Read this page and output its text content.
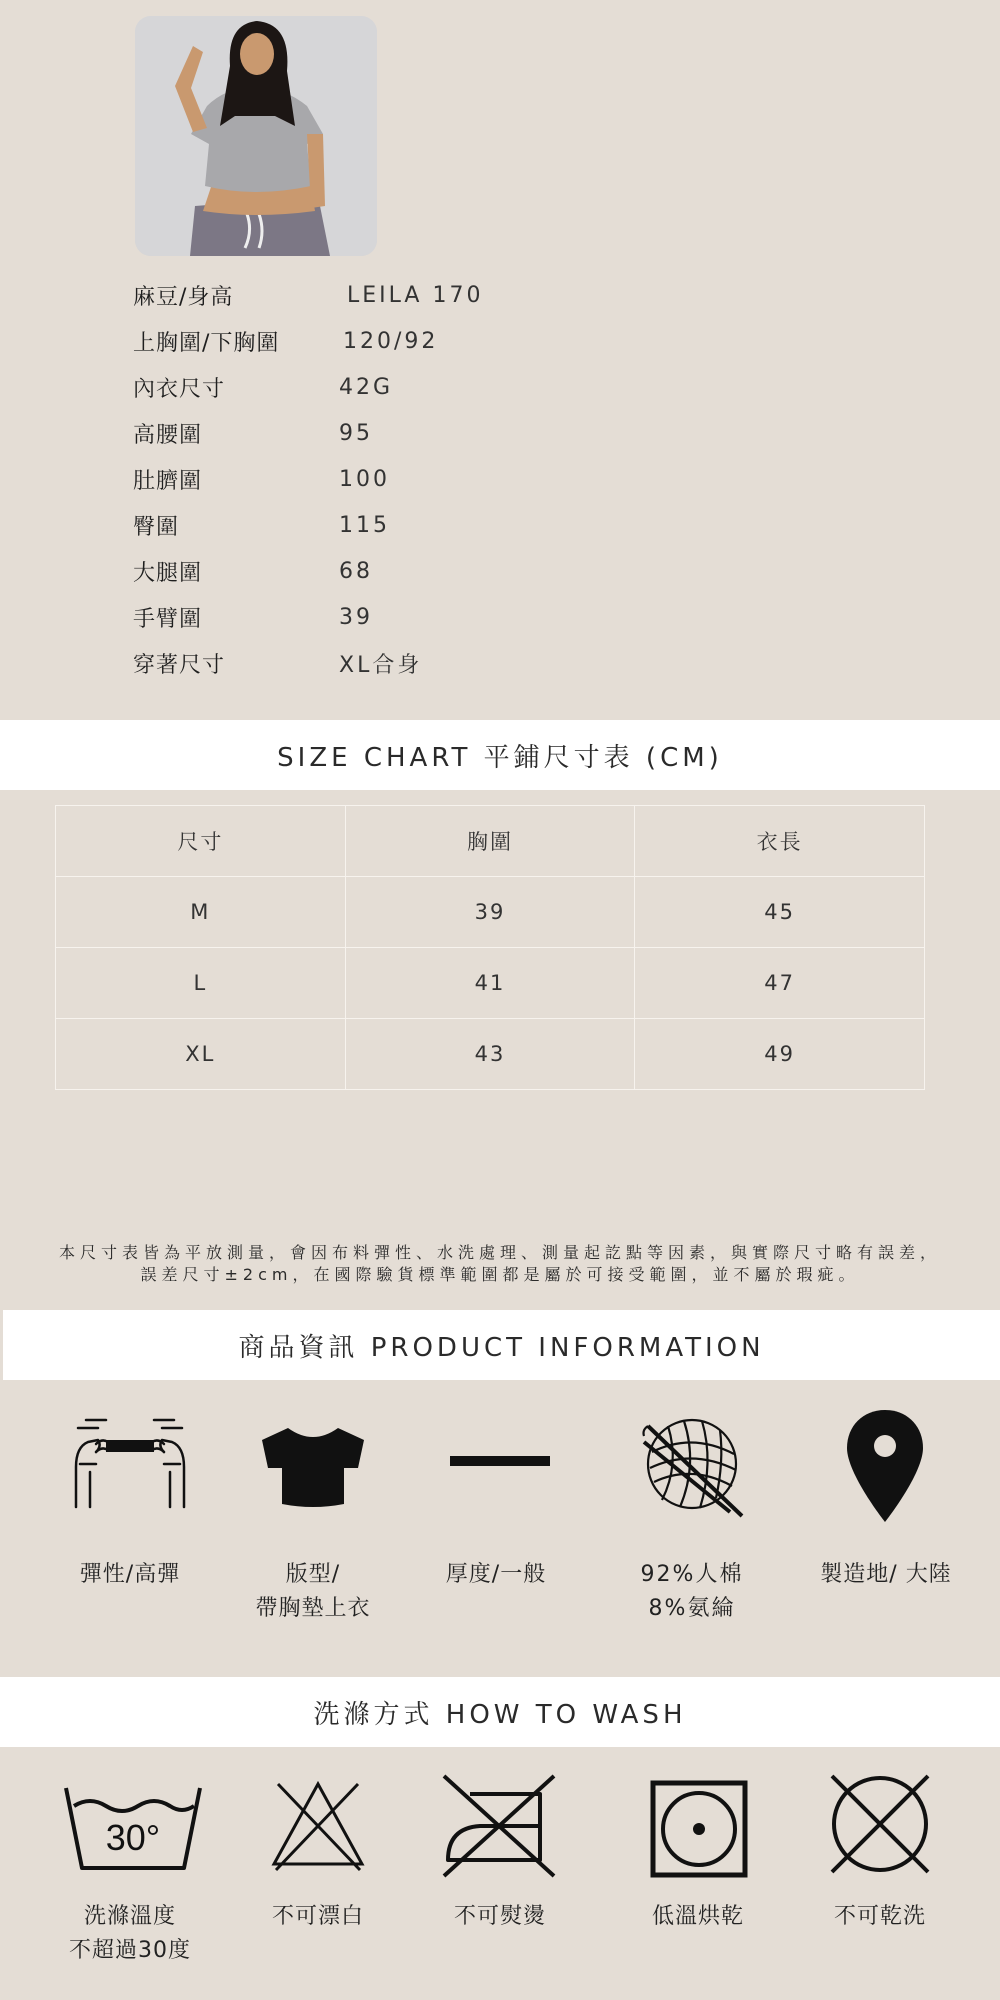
麻豆/身高	LEILA 170
上胸圍/下胸圍	120/92
內衣尺寸	42G
高腰圍	95
肚臍圍	100
臀圍	115
大腿圍	68
手臂圍	39
穿著尺寸	XL合身
SIZE CHART 平鋪尺寸表 (CM)
尺寸	胸圍	衣長
M	39	45
L	41	47
XL	43	49
本尺寸表皆為平放測量，會因布料彈性、水洗處理、測量起訖點等因素，與實際尺寸略有誤差，
誤差尺寸±2cm，在國際驗貨標準範圍都是屬於可接受範圍，並不屬於瑕疵。
商品資訊 PRODUCT INFORMATION
彈性/高彈	版型/
帶胸墊上衣
厚度/一般	92%人棉
8%氨綸
製造地/ 大陸
洗滌方式 HOW TO WASH
30°
洗滌溫度
不超過30度
不可漂白	不可熨燙	低溫烘乾	不可乾洗
